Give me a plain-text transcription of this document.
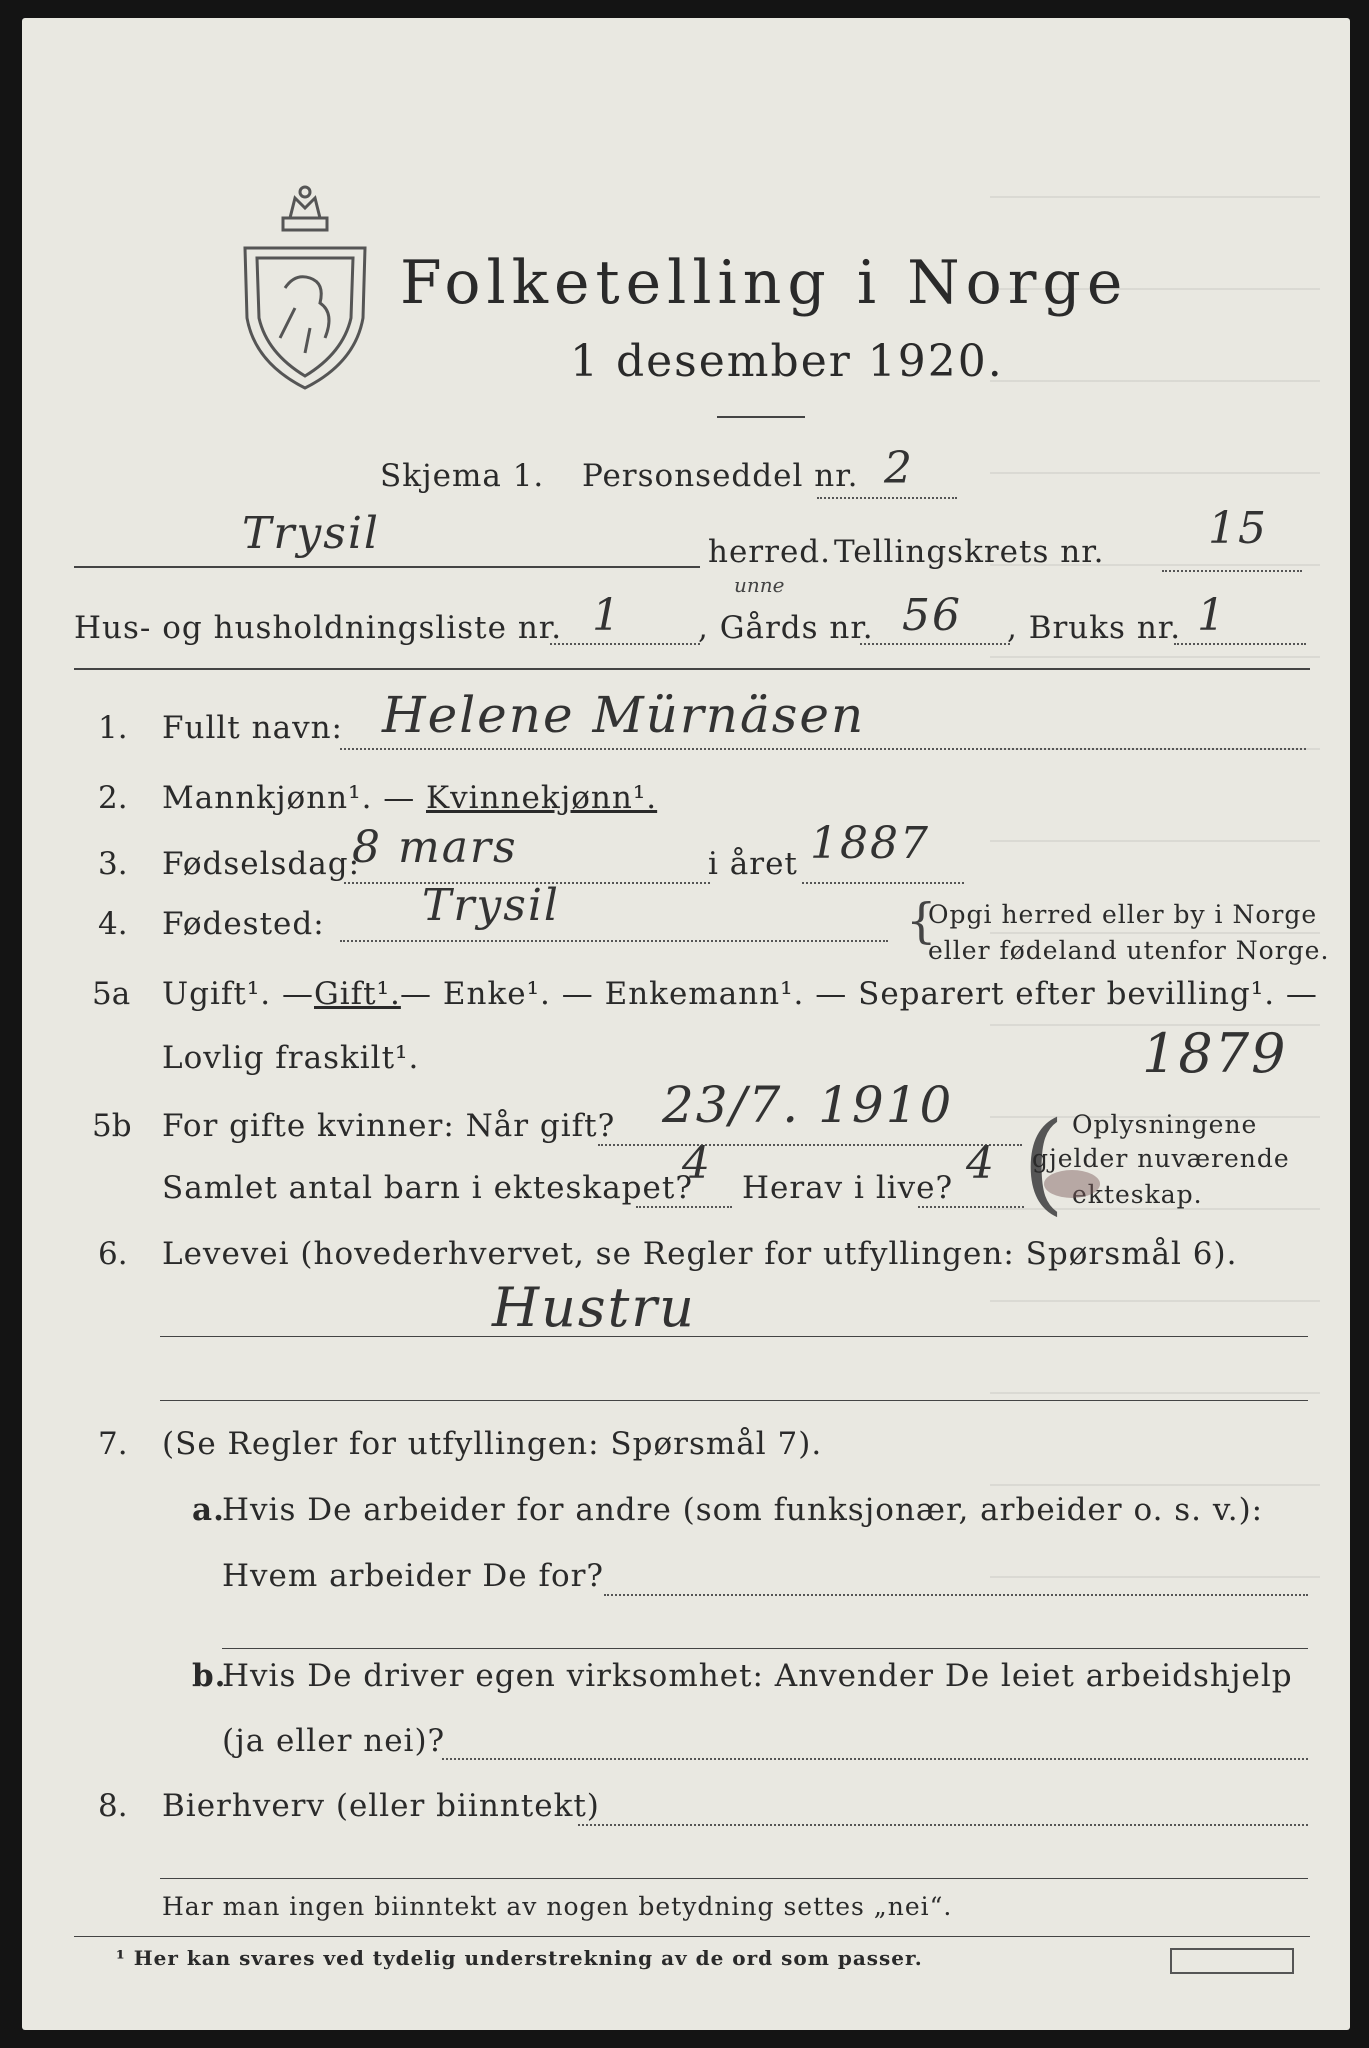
Folketelling i Norge
1 desember 1920.
Skjema 1. Personseddel nr. 2
Trysil	herred. Tellingskrets nr. 15
unne
Hus- og husholdningsliste nr. 1 , Gårds nr. 56 , Bruks nr. 1
1. Fullt navn: Helene Mürnäsen
2. Mannkjønn¹. — Kvinnekjønn¹.
3. Fødselsdag:
8 mars	i året 1887
4. Fødested: Trysil	{
Opgi herred eller by i Norge
eller fødeland utenfor Norge.
5a Ugift¹. — Gift¹. — Enke¹. — Enkemann¹. — Separert efter bevilling¹. —
Lovlig fraskilt¹.	1879
5b For gifte kvinner: Når gift? 23/7. 1910
Samlet antal barn i ekteskapet?
4 Herav i live? 4 ( Oplysningene
gjelder nuværende
ekteskap.
6. Levevei (hovederhvervet, se Regler for utfyllingen: Spørsmål 6).
Hustru
7. (Se Regler for utfyllingen: Spørsmål 7).
a.
Hvis De arbeider for andre (som funksjonær, arbeider o. s. v.):
Hvem arbeider De for?
b.
Hvis De driver egen virksomhet: Anvender De leiet arbeidshjelp
(ja eller nei)?
8. Bierhverv (eller biinntekt)
Har man ingen biinntekt av nogen betydning settes „nei“.
¹ Her kan svares ved tydelig understrekning av de ord som passer.
